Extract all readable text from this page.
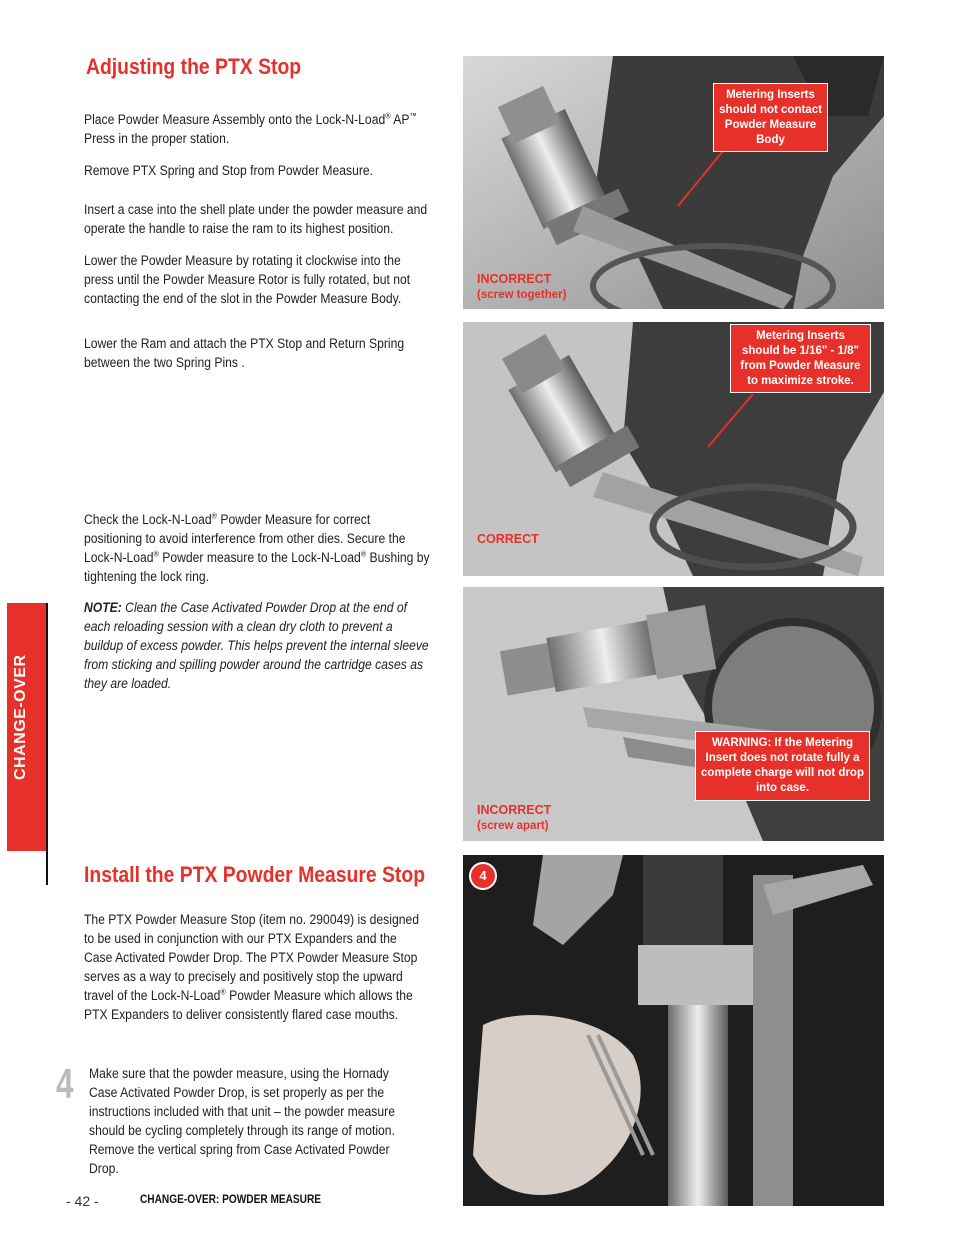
Adjusting the PTX Stop
Place Powder Measure Assembly onto the Lock-N-Load® AP™ Press in the proper station.
Remove PTX Spring and Stop from Powder Measure.
Insert a case into the shell plate under the powder measure and operate the handle to raise the ram to its highest position.
Lower the Powder Measure by rotating it clockwise into the press until the Powder Measure Rotor is fully rotated, but not contacting the end of the slot in the Powder Measure Body.
Lower the Ram and attach the PTX Stop and Return Spring between the two Spring Pins .
Check the Lock-N-Load® Powder Measure for correct positioning to avoid interference from other dies. Secure the Lock-N-Load® Powder measure to the Lock-N-Load® Bushing by tightening the lock ring.
NOTE: Clean the Case Activated Powder Drop at the end of each reloading session with a clean dry cloth to prevent a buildup of excess powder. This helps prevent the internal sleeve from sticking and spilling powder around the cartridge cases as they are loaded.
CHANGE-OVER
Install the PTX Powder Measure Stop
The PTX Powder Measure Stop (item no. 290049) is designed to be used in conjunction with our PTX Expanders and the Case Activated Powder Drop. The PTX Powder Measure Stop serves as a way to precisely and positively stop the upward travel of the Lock-N-Load® Powder Measure which allows the PTX Expanders to deliver consistently flared case mouths.
4 Make sure that the powder measure, using the Hornady Case Activated Powder Drop, is set properly as per the instructions included with that unit – the powder measure should be cycling completely through its range of motion. Remove the vertical spring from Case Activated Powder Drop.
Metering Inserts should not contact Powder Measure Body
INCORRECT
(screw together)
Metering Inserts should be 1/16" - 1/8" from Powder Measure to maximize stroke.
CORRECT
WARNING: If the Metering Insert does not rotate fully a complete charge will not drop into case.
INCORRECT
(screw apart)
4
- 42 -	CHANGE-OVER: POWDER MEASURE
